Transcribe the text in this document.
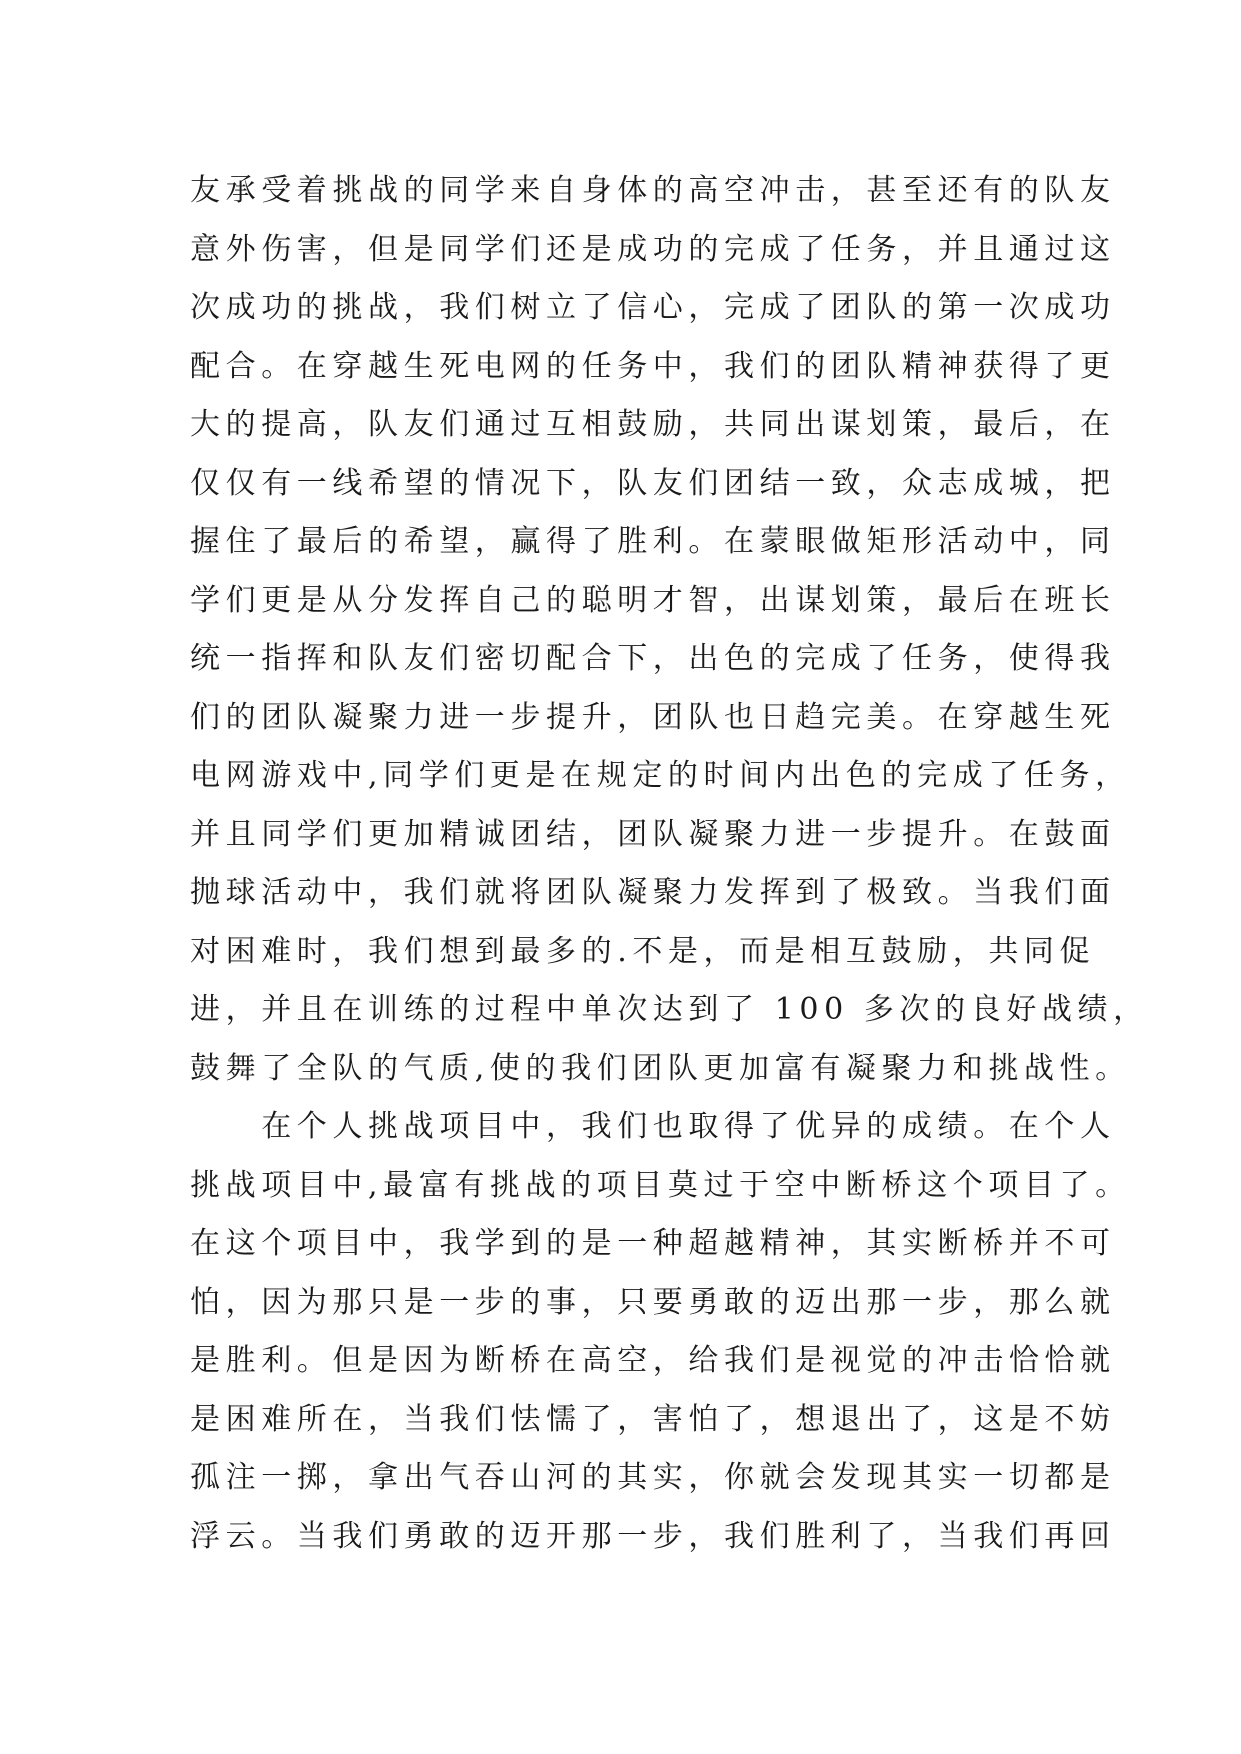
友承受着挑战的同学来自身体的高空冲击，甚至还有的队友
意外伤害，但是同学们还是成功的完成了任务，并且通过这
次成功的挑战，我们树立了信心，完成了团队的第一次成功
配合。在穿越生死电网的任务中，我们的团队精神获得了更
大的提高，队友们通过互相鼓励，共同出谋划策，最后，在
仅仅有一线希望的情况下，队友们团结一致，众志成城，把
握住了最后的希望，赢得了胜利。在蒙眼做矩形活动中，同
学们更是从分发挥自己的聪明才智，出谋划策，最后在班长
统一指挥和队友们密切配合下，出色的完成了任务，使得我
们的团队凝聚力进一步提升，团队也日趋完美。在穿越生死
电网游戏中,同学们更是在规定的时间内出色的完成了任务，
并且同学们更加精诚团结，团队凝聚力进一步提升。在鼓面
抛球活动中，我们就将团队凝聚力发挥到了极致。当我们面
对困难时，我们想到最多的.不是，而是相互鼓励，共同促
进，并且在训练的过程中单次达到了 100 多次的良好战绩，
鼓舞了全队的气质,使的我们团队更加富有凝聚力和挑战性。
　　在个人挑战项目中，我们也取得了优异的成绩。在个人
挑战项目中,最富有挑战的项目莫过于空中断桥这个项目了。
在这个项目中，我学到的是一种超越精神，其实断桥并不可
怕，因为那只是一步的事，只要勇敢的迈出那一步，那么就
是胜利。但是因为断桥在高空，给我们是视觉的冲击恰恰就
是困难所在，当我们怯懦了，害怕了，想退出了，这是不妨
孤注一掷，拿出气吞山河的其实，你就会发现其实一切都是
浮云。当我们勇敢的迈开那一步，我们胜利了，当我们再回
